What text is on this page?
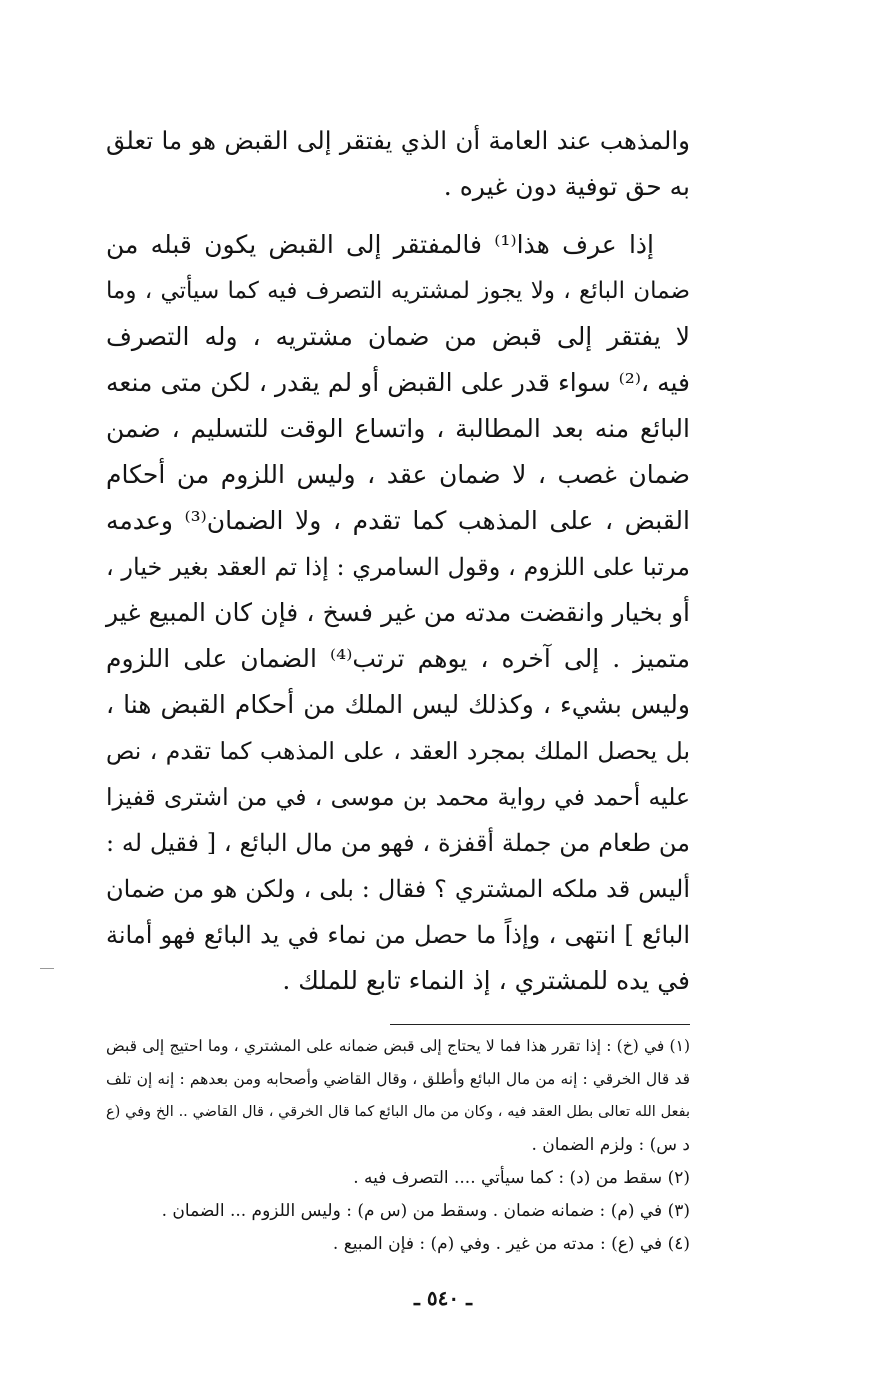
والمذهب عند العامة أن الذي يفتقر إلى القبض هو ما تعلق
به حق توفية دون غيره .
إذا عرف هذا⁽¹⁾ فالمفتقر إلى القبض يكون قبله من
ضمان البائع ، ولا يجوز لمشتريه التصرف فيه كما سيأتي ، وما
لا يفتقر إلى قبض من ضمان مشتريه ، وله التصرف
فيه ،⁽²⁾ سواء قدر على القبض أو لم يقدر ، لكن متى منعه
البائع منه بعد المطالبة ، واتساع الوقت للتسليم ، ضمن
ضمان غصب ، لا ضمان عقد ، وليس اللزوم من أحكام
القبض ، على المذهب كما تقدم ، ولا الضمان⁽³⁾ وعدمه
مرتبا على اللزوم ، وقول السامري : إذا تم العقد بغير خيار ،
أو بخيار وانقضت مدته من غير فسخ ، فإن كان المبيع غير
متميز . إلى آخره ، يوهم ترتب⁽⁴⁾ الضمان على اللزوم
وليس بشيء ، وكذلك ليس الملك من أحكام القبض هنا ،
بل يحصل الملك بمجرد العقد ، على المذهب كما تقدم ، نص
عليه أحمد في رواية محمد بن موسى ، في من اشترى قفيزا
من طعام من جملة أقفزة ، فهو من مال البائع ، [ فقيل له :
أليس قد ملكه المشتري ؟ فقال : بلى ، ولكن هو من ضمان
البائع ] انتهى ، وإذاً ما حصل من نماء في يد البائع فهو أمانة
في يده للمشتري ، إذ النماء تابع للملك .
(١) في (خ) : إذا تقرر هذا فما لا يحتاج إلى قبض ضمانه على المشتري ، وما احتيج إلى قبض
قد قال الخرقي : إنه من مال البائع وأطلق ، وقال القاضي وأصحابه ومن بعدهم : إنه إن تلف
بفعل الله تعالى بطل العقد فيه ، وكان من مال البائع كما قال الخرقي ، قال القاضي .. الخ وفي (ع
د س) : ولزم الضمان .
(٢) سقط من (د) : كما سيأتي .... التصرف فيه .
(٣) في (م) : ضمانه ضمان . وسقط من (س م) : وليس اللزوم ... الضمان .
(٤) في (ع) : مدته من غير . وفي (م) : فإن المبيع .
ـ ٥٤٠ ـ
